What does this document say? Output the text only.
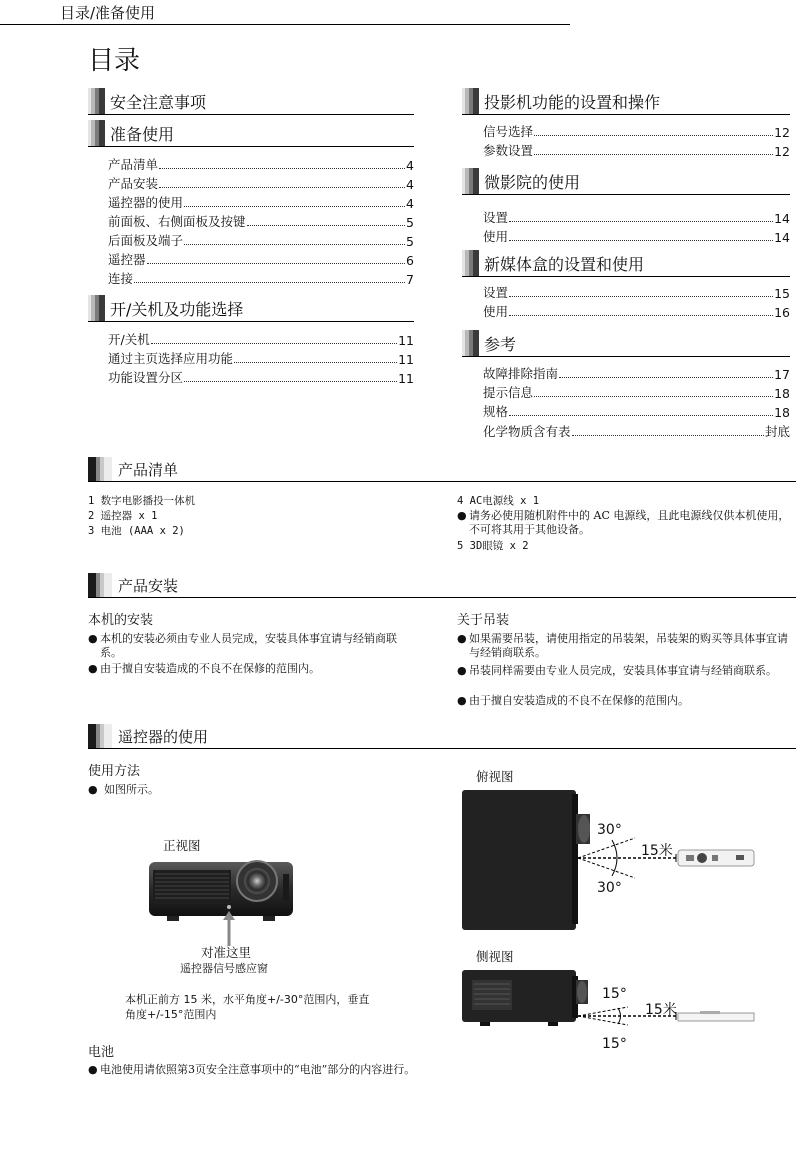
目录/准备使用
目录
安全注意事项
准备使用
产品清单	4
产品安装	4
遥控器的使用	4
前面板、右侧面板及按键	5
后面板及端子	5
遥控器	6
连接	7
开/关机及功能选择
开/关机	11
通过主页选择应用功能	11
功能设置分区	11
投影机功能的设置和操作
信号选择	12
参数设置	12
微影院的使用
设置	14
使用	14
新媒体盒的设置和使用
设置	15
使用	16
参考
故障排除指南	17
提示信息	18
规格	18
化学物质含有表	封底
产品清单
1 数字电影播投一体机
2 遥控器 x 1
3 电池 (AAA x 2)
4 AC电源线 x 1
● 请务必使用随机附件中的 AC 电源线，且此电源线仅供本机使用，不可将其用于其他设备。
5 3D眼镜 x 2
产品安装
本机的安装
● 本机的安装必须由专业人员完成，安装具体事宜请与经销商联系。
● 由于擅自安装造成的不良不在保修的范围内。
关于吊装
● 如果需要吊装，请使用指定的吊装架，吊装架的购买等具体事宜请与经销商联系。
● 吊装同样需要由专业人员完成，安装具体事宜请与经销商联系。
● 由于擅自安装造成的不良不在保修的范围内。
遥控器的使用
使用方法
● 如图所示。
正视图
对准这里
遥控器信号感应窗
本机正前方 15 米，水平角度+/-30°范围内，垂直角度+/-15°范围内
电池
● 电池使用请依照第3页安全注意事项中的“电池”部分的内容进行。
俯视图
30°
30°
15米
侧视图
15°
15°
15米
